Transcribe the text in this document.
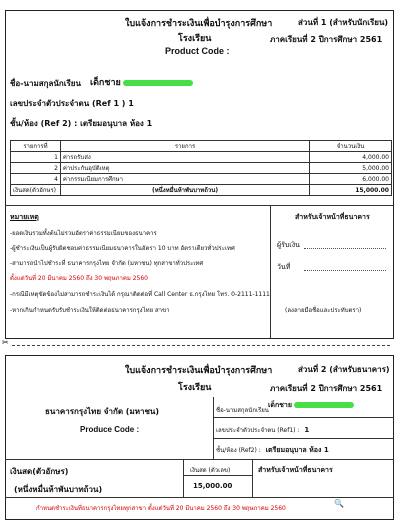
ใบแจ้งการชำระเงินเพื่อบำรุงการศึกษา	ส่วนที่ 1 (สำหรับนักเรียน)
โรงเรียน	ภาคเรียนที่ 2 ปีการศึกษา 2561
Product Code :
ชื่อ-นามสกุลนักเรียน เด็กชาย
เลขประจำตัวประจำตน (Ref 1 ) 1
ชั้น/ห้อง (Ref 2) : เตรียมอนุบาล ห้อง 1
รายการที่	รายการ	จำนวนเงิน
1	ค่ารถรับส่ง	4,000.00
2	ค่าประกันอุบัติเหตุ	5,000.00
4	ค่ากรรมเนียมการศึกษา	6,000.00
เงินสด(ตัวอักษร)	(หนึ่งหมื่นห้าพันบาทถ้วน)	15,000.00
หมายเหตุ
-ยอดเงินรวมทั้งต้นไม่รวมอัตราค่าธรรมเนียมของธนาคาร
-ผู้ชำระเงินเป็นผู้รับผิดชอบค่าธรรมเนียมธนาคารในอัตรา 10 บาท อัตราเดียวทั่วประเทศ
-สามารถนำไปชำระที่ ธนาคารกรุงไทย จำกัด (มหาชน) ทุกสาขาทั่วประเทศ
ตั้งแต่วันที่ 20 มีนาคม 2560 ถึง 30 พฤษภาคม 2560
-กรณีมีเหตุขัดข้องไม่สามารถชำระเงินได้ กรุณาติดต่อที่ Call Center ธ.กรุงไทย โทร. 0-2111-1111
-หากเกินกำหนดรับรับชำระเงินให้ติดต่อธนาคารกรุงไทย สาขา
สำหรับเจ้าหน้าที่ธนาคาร
ผู้รับเงิน
วันที่
(ลงลายมือชื่อและประทับตรา)
✂
ใบแจ้งการชำระเงินเพื่อบำรุงการศึกษา	ส่วนที่ 2 (สำหรับธนาคาร)
โรงเรียน	ภาคเรียนที่ 2 ปีการศึกษา 2561
ธนาคารกรุงไทย จำกัด (มหาชน)
Produce Code :
ชื่อ-นามสกุลนักเรียน
เด็กชาย
เลขประจำตัวประจำตน (Ref1) : 1
ชั้น/ห้อง (Ref2) : เตรียมอนุบาล ห้อง 1
เงินสด(ตัวอักษร)
(หนึ่งหมื่นห้าพันบาทถ้วน)
เงินสด (ตัวเลข)
15,000.00
สำหรับเจ้าหน้าที่ธนาคาร
กำหนดชำระเงินที่ธนาคารกรุงไทยทุกสาขา ตั้งแต่วันที่ 20 มีนาคม 2560 ถึง 30 พฤษภาคม 2560
🔍
